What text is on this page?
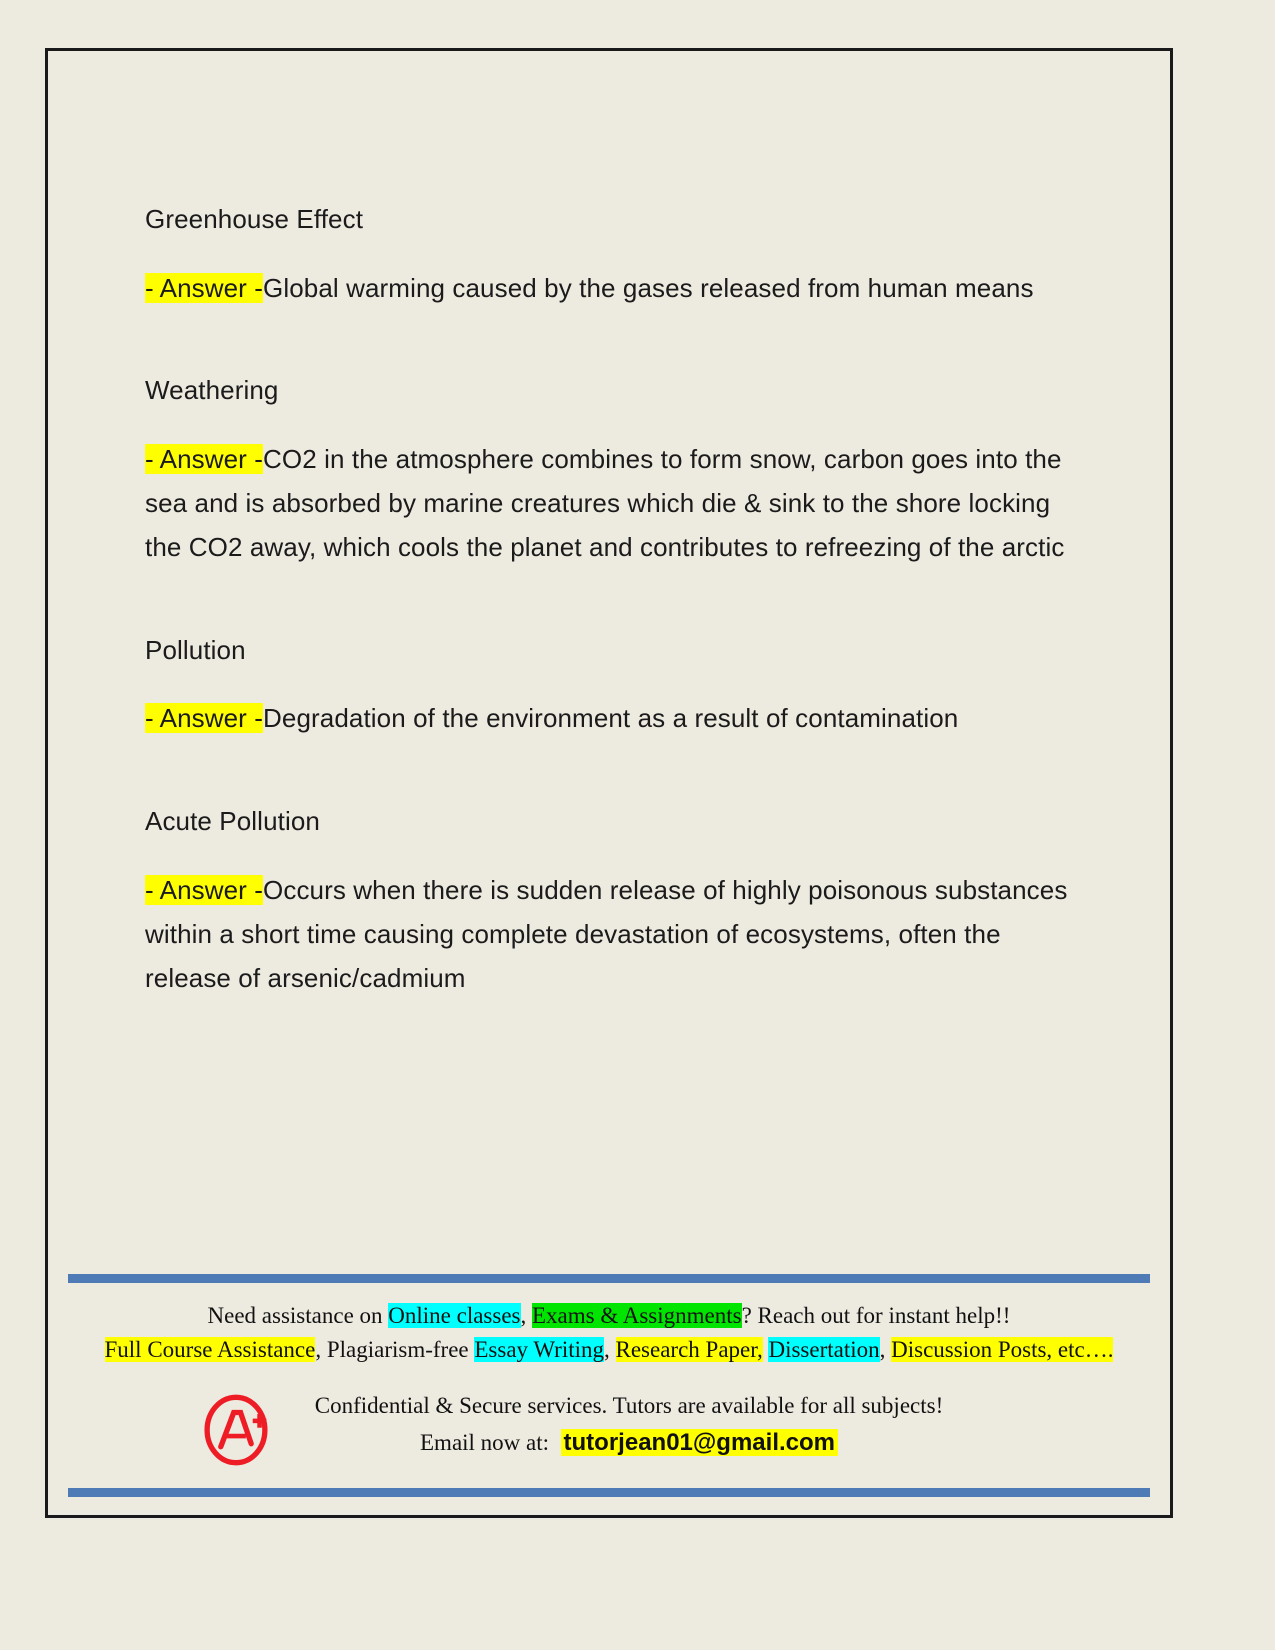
Greenhouse Effect

- Answer -Global warming caused by the gases released from human means

Weathering

- Answer -CO2 in the atmosphere combines to form snow, carbon goes into the sea and is absorbed by marine creatures which die & sink to the shore locking the CO2 away, which cools the planet and contributes to refreezing of the arctic

Pollution

- Answer -Degradation of the environment as a result of contamination

Acute Pollution

- Answer -Occurs when there is sudden release of highly poisonous substances within a short time causing complete devastation of ecosystems, often the release of arsenic/cadmium

Need assistance on Online classes, Exams & Assignments? Reach out for instant help!!
Full Course Assistance, Plagiarism-free Essay Writing, Research Paper, Dissertation, Discussion Posts, etc….
Confidential & Secure services. Tutors are available for all subjects!
Email now at: tutorjean01@gmail.com
